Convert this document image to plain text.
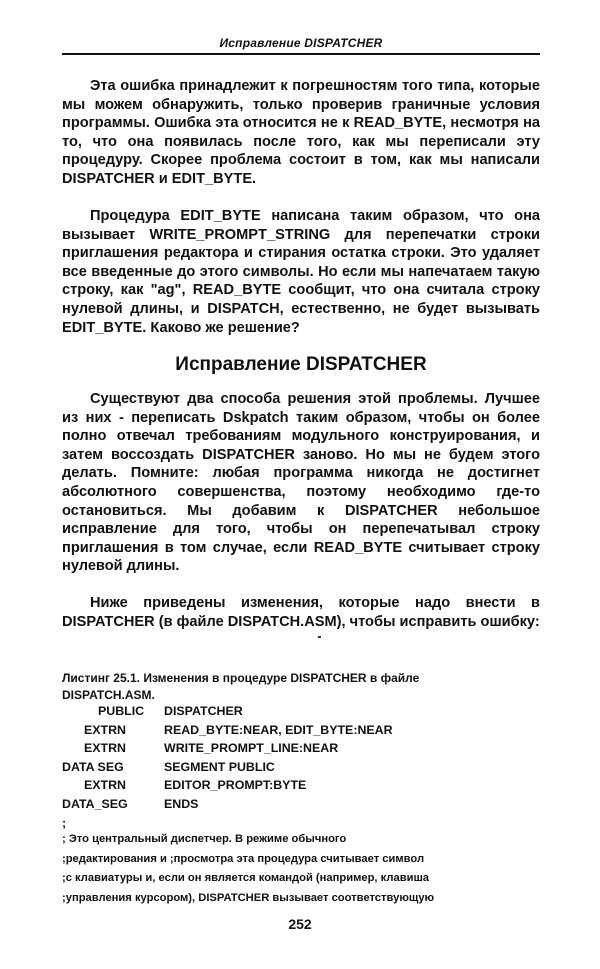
Исправление DISPATCHER

Эта ошибка принадлежит к погрешностям того типа, которые мы можем обнаружить, только проверив граничные условия программы. Ошибка эта относится не к READ_BYTE, несмотря на то, что она появилась после того, как мы переписали эту процедуру. Скорее проблема состоит в том, как мы написали DISPATCHER и EDIT_BYTE.

Процедура EDIT_BYTE написана таким образом, что она вызывает WRITE_PROMPT_STRING для перепечатки строки приглашения редактора и стирания остатка строки. Это удаляет все введенные до этого символы. Но если мы напечатаем такую строку, как "ag", READ_BYTE сообщит, что она считала строку нулевой длины, и DISPATCH, естественно, не будет вызывать EDIT_BYTE. Каково же решение?

Исправление DISPATCHER

Существуют два способа решения этой проблемы. Лучшее из них - переписать Dskpatch таким образом, чтобы он более полно отвечал требованиям модульного конструирования, и затем воссоздать DISPATCHER заново. Но мы не будем этого делать. Помните: любая программа никогда не достигнет абсолютного совершенства, поэтому необходимо где-то остановиться. Мы добавим к DISPATCHER небольшое исправление для того, чтобы он перепечатывал строку приглашения в том случае, если READ_BYTE считывает строку нулевой длины.

Ниже приведены изменения, которые надо внести в DISPATCHER (в файле DISPATCH.ASM), чтобы исправить ошибку:

Листинг 25.1. Изменения в процедуре DISPATCHER в файле
DISPATCH.ASM.
PUBLIC	DISPATCHER
EXTRN	READ_BYTE:NEAR, EDIT_BYTE:NEAR
EXTRN	WRITE_PROMPT_LINE:NEAR
DATA SEG	SEGMENT PUBLIC
EXTRN	EDITOR_PROMPT:BYTE
DATA_SEG	ENDS
;
; Это центральный диспетчер. В режиме обычного
;редактирования и ;просмотра эта процедура считывает символ
;с клавиатуры и, если он является командой (например, клавиша
;управления курсором), DISPATCHER вызывает соответствующую
252
